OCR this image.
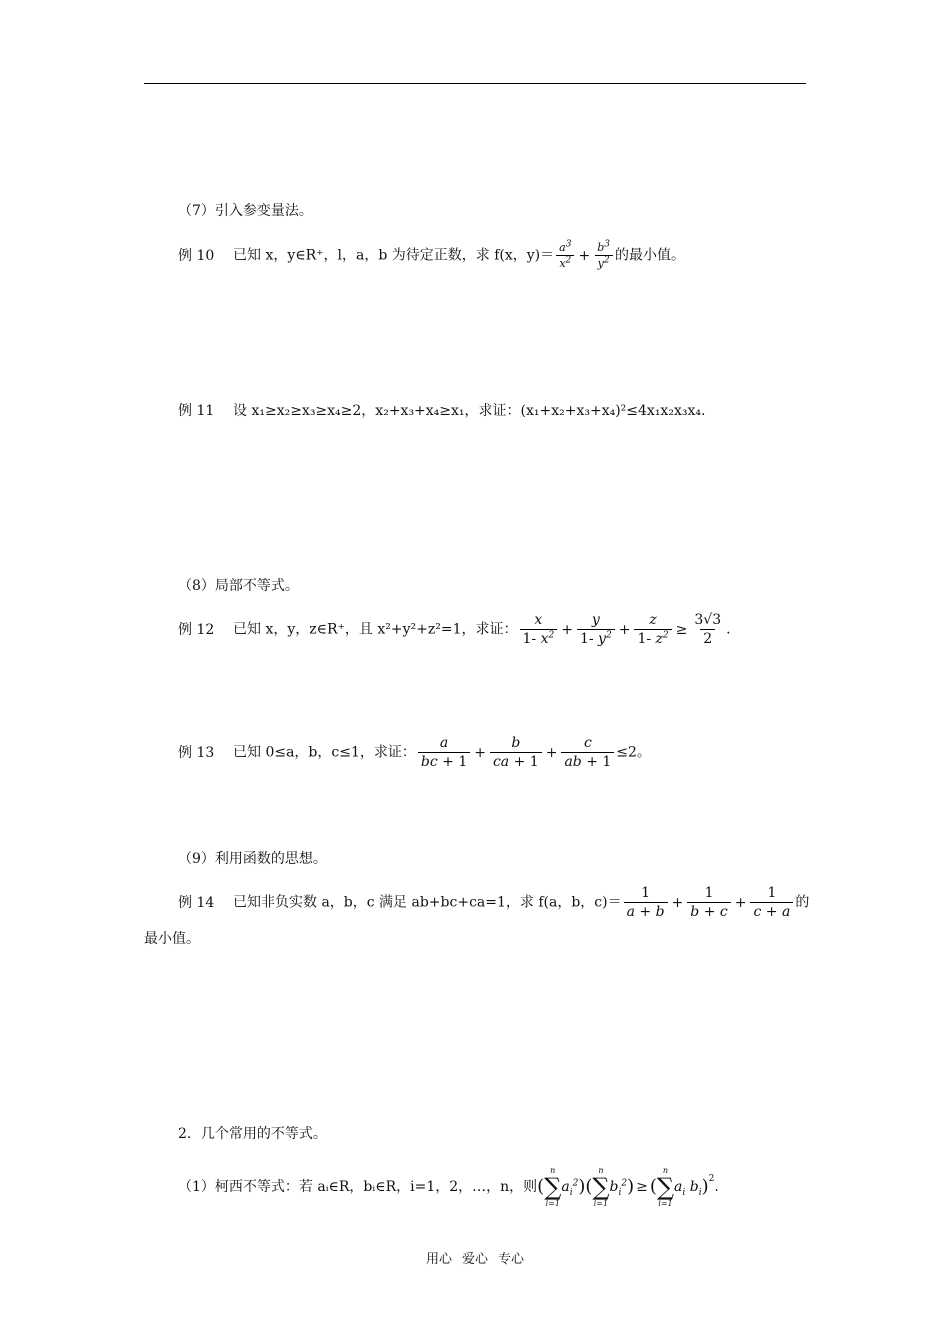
（7）引入参变量法。
例 10 已知 x，y∈R⁺，l，a，b 为待定正数，求 f(x，$y)= \frac{a^3}{x^2} + \frac{b^3}{y^2}$ 的最小值。
例 11 设 x₁≥x₂≥x₃≥x₄≥2，x₂+x₃+x₄≥x₁，求证：(x₁+x₂+x₃+x₄)²≤4x₁x₂x₃x₄.
（8）局部不等式。
例 12 已知 x，y，z∈R⁺，且 x²+y²+z²=1，求证： $\frac{x}{1- x^2} + \frac{y}{1- y^2} + \frac{z}{1- z^2} \ge \frac{3√3}{2}$ .
例 13 已知 0≤a，b，c≤1，求证： $\frac{a}{bc + 1} + \frac{b}{ca + 1} + \frac{c}{ab + 1} \le 2$。
（9）利用函数的思想。
例 14 已知非负实数 a，b，c 满足 ab+bc+ca=1，求 f(a，b，$c)= \frac{1}{a + b} + \frac{1}{b + c} + \frac{1}{c + a}$ 的
最小值。
2．几个常用的不等式。
（1）柯西不等式：若 aᵢ∈R，bᵢ∈R，i=1，2，…，n，则(
n
∑
i=1
$a_i^2$)(
n
∑
i=1
$b_i^2$) ≥ (
n
∑
i=1
$a_i$ $b_i)^2$.
用心 爱心 专心
